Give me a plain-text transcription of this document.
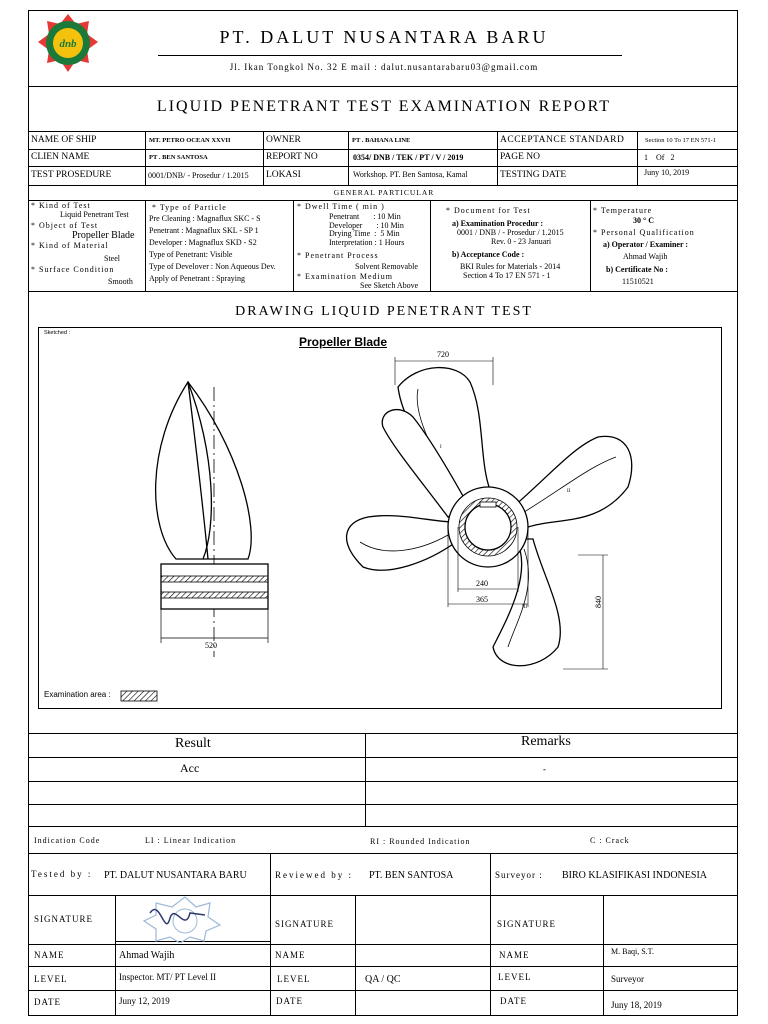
dnb	PT. DALUT NUSANTARA BARU
Jl. Ikan Tongkol No. 32 E mail : dalut.nusantarabaru03@gmail.com
LIQUID PENETRANT TEST EXAMINATION REPORT
NAME OF SHIP	MT. PETRO OCEAN XXVII	OWNER	PT . BAHANA LINE	ACCEPTANCE STANDARD	Section 10 To 17 EN 571-1
CLIEN NAME	PT . BEN SANTOSA	REPORT NO	0354/ DNB / TEK / PT / V / 2019	PAGE NO	1    Of   2
TEST PROSEDURE	0001/DNB/ - Prosedur / 1.2015 LOKASI	Workshop. PT. Ben Santosa, Kamal	TESTING DATE	Juny 10, 2019
GENERAL PARTICULAR
* Kind of Test
Liquid Penetrant Test
* Object of Test
Propeller Blade
* Kind of Material
Steel
* Surface Condition
Smooth
* Type of Particle
Pre Cleaning : Magnaflux SKC - S
Penetrant : Magnaflux SKL - SP 1
Developer : Magnaflux SKD - S2
Type of Penetrant: Visible
Type of Develover : Non Aqueous Dev.
Apply of Penetrant : Spraying
* Dwell Time ( min )
Penetrant       : 10 Min
Developer       : 10 Min
Drying Time  :  5 Min
Interpretation : 1 Hours
* Penetrant Process
Solvent Removable
* Examination Medium
See Sketch Above
* Document for Test
a) Examination Procedur :
0001 / DNB / - Prosedur / 1.2015
Rev. 0 - 23 Januari
b) Acceptance Code :
BKI Rules for Materials - 2014
Section 4 To 17 EN 571 - 1
* Temperature
30 ° C
* Personal Qualification
a) Operator / Examiner :
Ahmad Wajih
b) Certificate No :
11510521
DRAWING LIQUID PENETRANT TEST
Sketched :
Propeller Blade
520
720
240
365	840
I
II
III
Examination area :
Result	Remarks
Acc	-
Indication Code	LI : Linear Indication	RI : Rounded Indication	C : Crack
Tested by : PT. DALUT NUSANTARA BARU	Reviewed by : PT. BEN SANTOSA	Surveyor : BIRO KLASIFIKASI INDONESIA
SIGNATURE	SIGNATURE	SIGNATURE
NAME	Ahmad Wajih	NAME	NAME	M. Baqi, S.T.
LEVEL	Inspector. MT/ PT Level II	LEVEL	QA / QC	LEVEL	Surveyor
DATE	Juny 12, 2019	DATE	DATE	Juny 18, 2019
